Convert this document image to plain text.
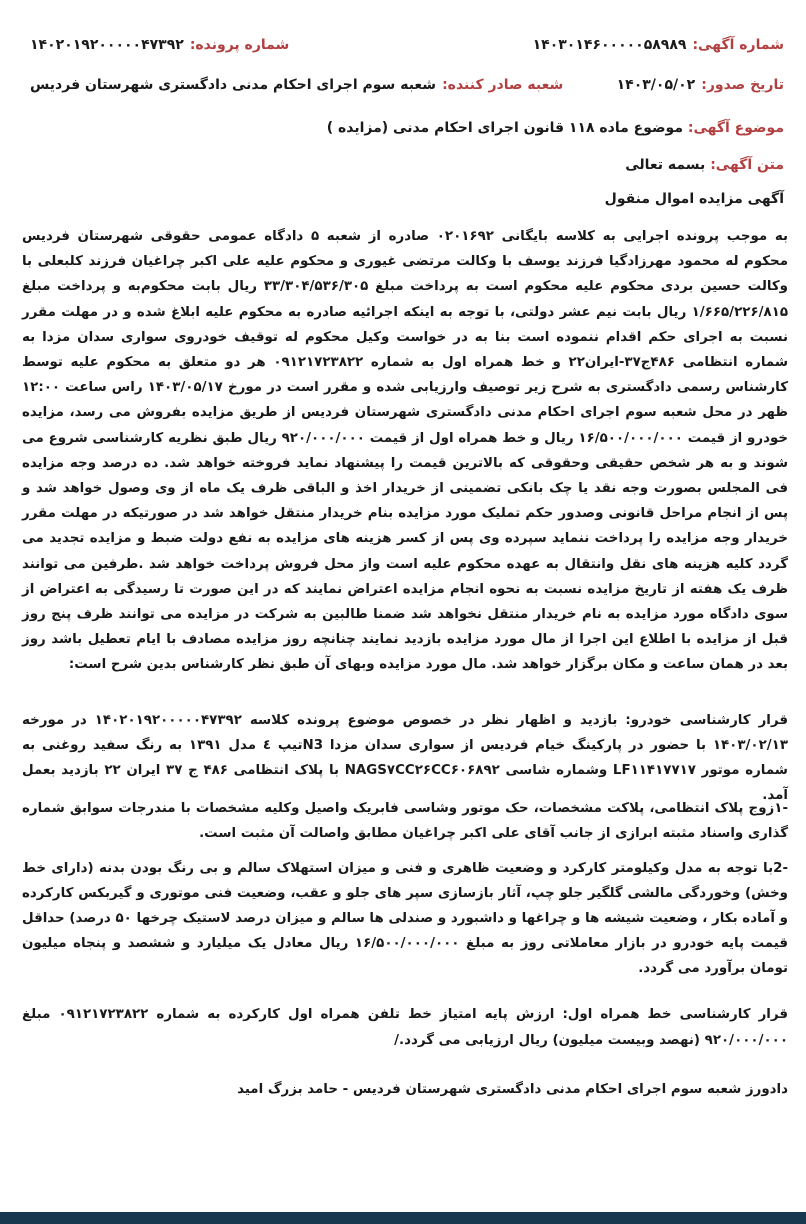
شماره آگهی:
۱۴۰۳۰۱۴۶۰۰۰۰۰۵۸۹۸۹
شماره پرونده:
۱۴۰۲۰۱۹۲۰۰۰۰۰۴۷۳۹۲
تاریخ صدور:
۱۴۰۳/۰۵/۰۲
شعبه صادر کننده:
شعبه سوم اجرای احکام مدنی دادگستری شهرستان فردیس
موضوع آگهی: موضوع ماده ۱۱۸ قانون اجرای احکام مدنی (مزایده )
متن آگهی: بسمه تعالی
آگهی مزایده اموال منقول

به موجب پرونده اجرایی به کلاسه بایگانی ۰۲۰۱۶۹۲ صادره از شعبه ۵ دادگاه عمومی حقوقی شهرستان فردیس محکوم له محمود مهرزادگیا فرزند یوسف با وکالت مرتضی غیوری و محکوم علیه علی اکبر چراغیان فرزند کلبعلی با وکالت حسین بردی محکوم علیه محکوم است به پرداخت مبلغ ۳۳/۳۰۴/۵۳۶/۳۰۵ ریال بابت محکوم‌به و پرداخت مبلغ ۱/۶۶۵/۲۲۶/۸۱۵ ریال بابت نیم عشر دولتی، با توجه به اینکه اجرائیه صادره به محکوم علیه ابلاغ شده و در مهلت مقرر نسبت به اجرای حکم اقدام ننموده است بنا به در خواست وکیل محکوم له توقیف خودروی سواری سدان مزدا به شماره انتظامی ۴۸۶ج۳۷-ایران۲۲ و خط همراه اول به شماره ۰۹۱۲۱۷۲۳۸۲۲ هر دو متعلق به محکوم علیه توسط کارشناس رسمی دادگستری به شرح زیر توصیف وارزیابی شده و مقرر است در مورخ ۱۴۰۳/۰۵/۱۷ راس ساعت ۱۲:۰۰ ظهر در محل شعبه سوم اجرای احکام مدنی دادگستری شهرستان فردیس از طریق مزایده بفروش می رسد، مزایده خودرو از قیمت ۱۶/۵۰۰/۰۰۰/۰۰۰ ریال و خط همراه اول از قیمت ۹۲۰/۰۰۰/۰۰۰ ریال طبق نظریه کارشناسی شروع می شوند و به هر شخص حقیقی وحقوقی که بالاترین قیمت را پیشنهاد نماید فروخته خواهد شد. ده درصد وجه مزایده فی المجلس بصورت وجه نقد یا چک بانکی تضمینی از خریدار اخذ و الباقی ظرف یک ماه از وی وصول خواهد شد و پس از انجام مراحل قانونی وصدور حکم تملیک مورد مزایده بنام خریدار منتقل خواهد شد در صورتیکه در مهلت مقرر خریدار وجه مزایده را پرداخت ننماید سپرده وی پس از کسر هزینه های مزایده به نفع دولت ضبط و مزایده تجدید می گردد کلیه هزینه های نقل وانتقال به عهده محکوم علیه است واز محل فروش پرداخت خواهد شد .طرفین می توانند ظرف یک هفته از تاریخ مزایده نسبت به نحوه انجام مزایده اعتراض نمایند که در این صورت تا رسیدگی به اعتراض از سوی دادگاه مورد مزایده به نام خریدار منتقل نخواهد شد ضمنا طالبین به شرکت در مزایده می توانند ظرف پنج روز قبل از مزایده با اطلاع این اجرا از مال مورد مزایده بازدید نمایند چنانچه روز مزایده مصادف با ایام تعطیل باشد روز بعد در همان ساعت و مکان برگزار خواهد شد. مال مورد مزایده وبهای آن طبق نظر کارشناس بدین شرح است:

قرار کارشناسی خودرو: بازدید و اظهار نظر در خصوص موضوع پرونده کلاسه ۱۴۰۲۰۱۹۲۰۰۰۰۰۴۷۳۹۲ در مورخه ۱۴۰۳/۰۲/۱۳ با حضور در پارکینگ خیام فردیس از سواری سدان مزدا N3تیپ ٤ مدل ۱۳۹۱ به رنگ سفید روغنی به شماره موتور LF۱۱۴۱۷۷۱۷ وشماره شاسی NAGS۷CC۲۶CC۶۰۶۸۹۲ با پلاک انتظامی ۴۸۶ ج ۳۷ ایران ۲۲ بازدید بعمل آمد.

-۱زوج پلاک انتظامی، پلاکت مشخصات، حک موتور وشاسی فابریک واصیل وکلیه مشخصات با مندرجات سوابق شماره گذاری واسناد مثبته ابرازی از جانب آقای علی اکبر چراغیان مطابق واصالت آن مثبت است.

-2با توجه به مدل وکیلومتر کارکرد و وضعیت ظاهری و فنی و میزان استهلاک سالم و بی رنگ بودن بدنه (دارای خط وخش) وخوردگی مالشی گلگیر جلو چپ، آثار بازسازی سپر های جلو و عقب، وضعیت فنی موتوری و گیربکس کارکرده و آماده بکار ، وضعیت شیشه ها و چراغها و داشبورد و صندلی ها سالم و میزان درصد لاستیک چرخها ۵۰ درصد) حداقل قیمت پایه خودرو در بازار معاملاتی روز به مبلغ ۱۶/۵۰۰/۰۰۰/۰۰۰ ریال معادل یک میلیارد و ششصد و پنجاه میلیون تومان برآورد می گردد.

قرار کارشناسی خط همراه اول: ارزش پایه امتیاز خط تلفن همراه اول کارکرده به شماره ۰۹۱۲۱۷۲۳۸۲۲ مبلغ ۹۲۰/۰۰۰/۰۰۰ (نهصد وبیست میلیون) ریال ارزیابی می گردد./

دادورز شعبه سوم اجرای احکام مدنی دادگستری شهرستان فردیس - حامد بزرگ امید
